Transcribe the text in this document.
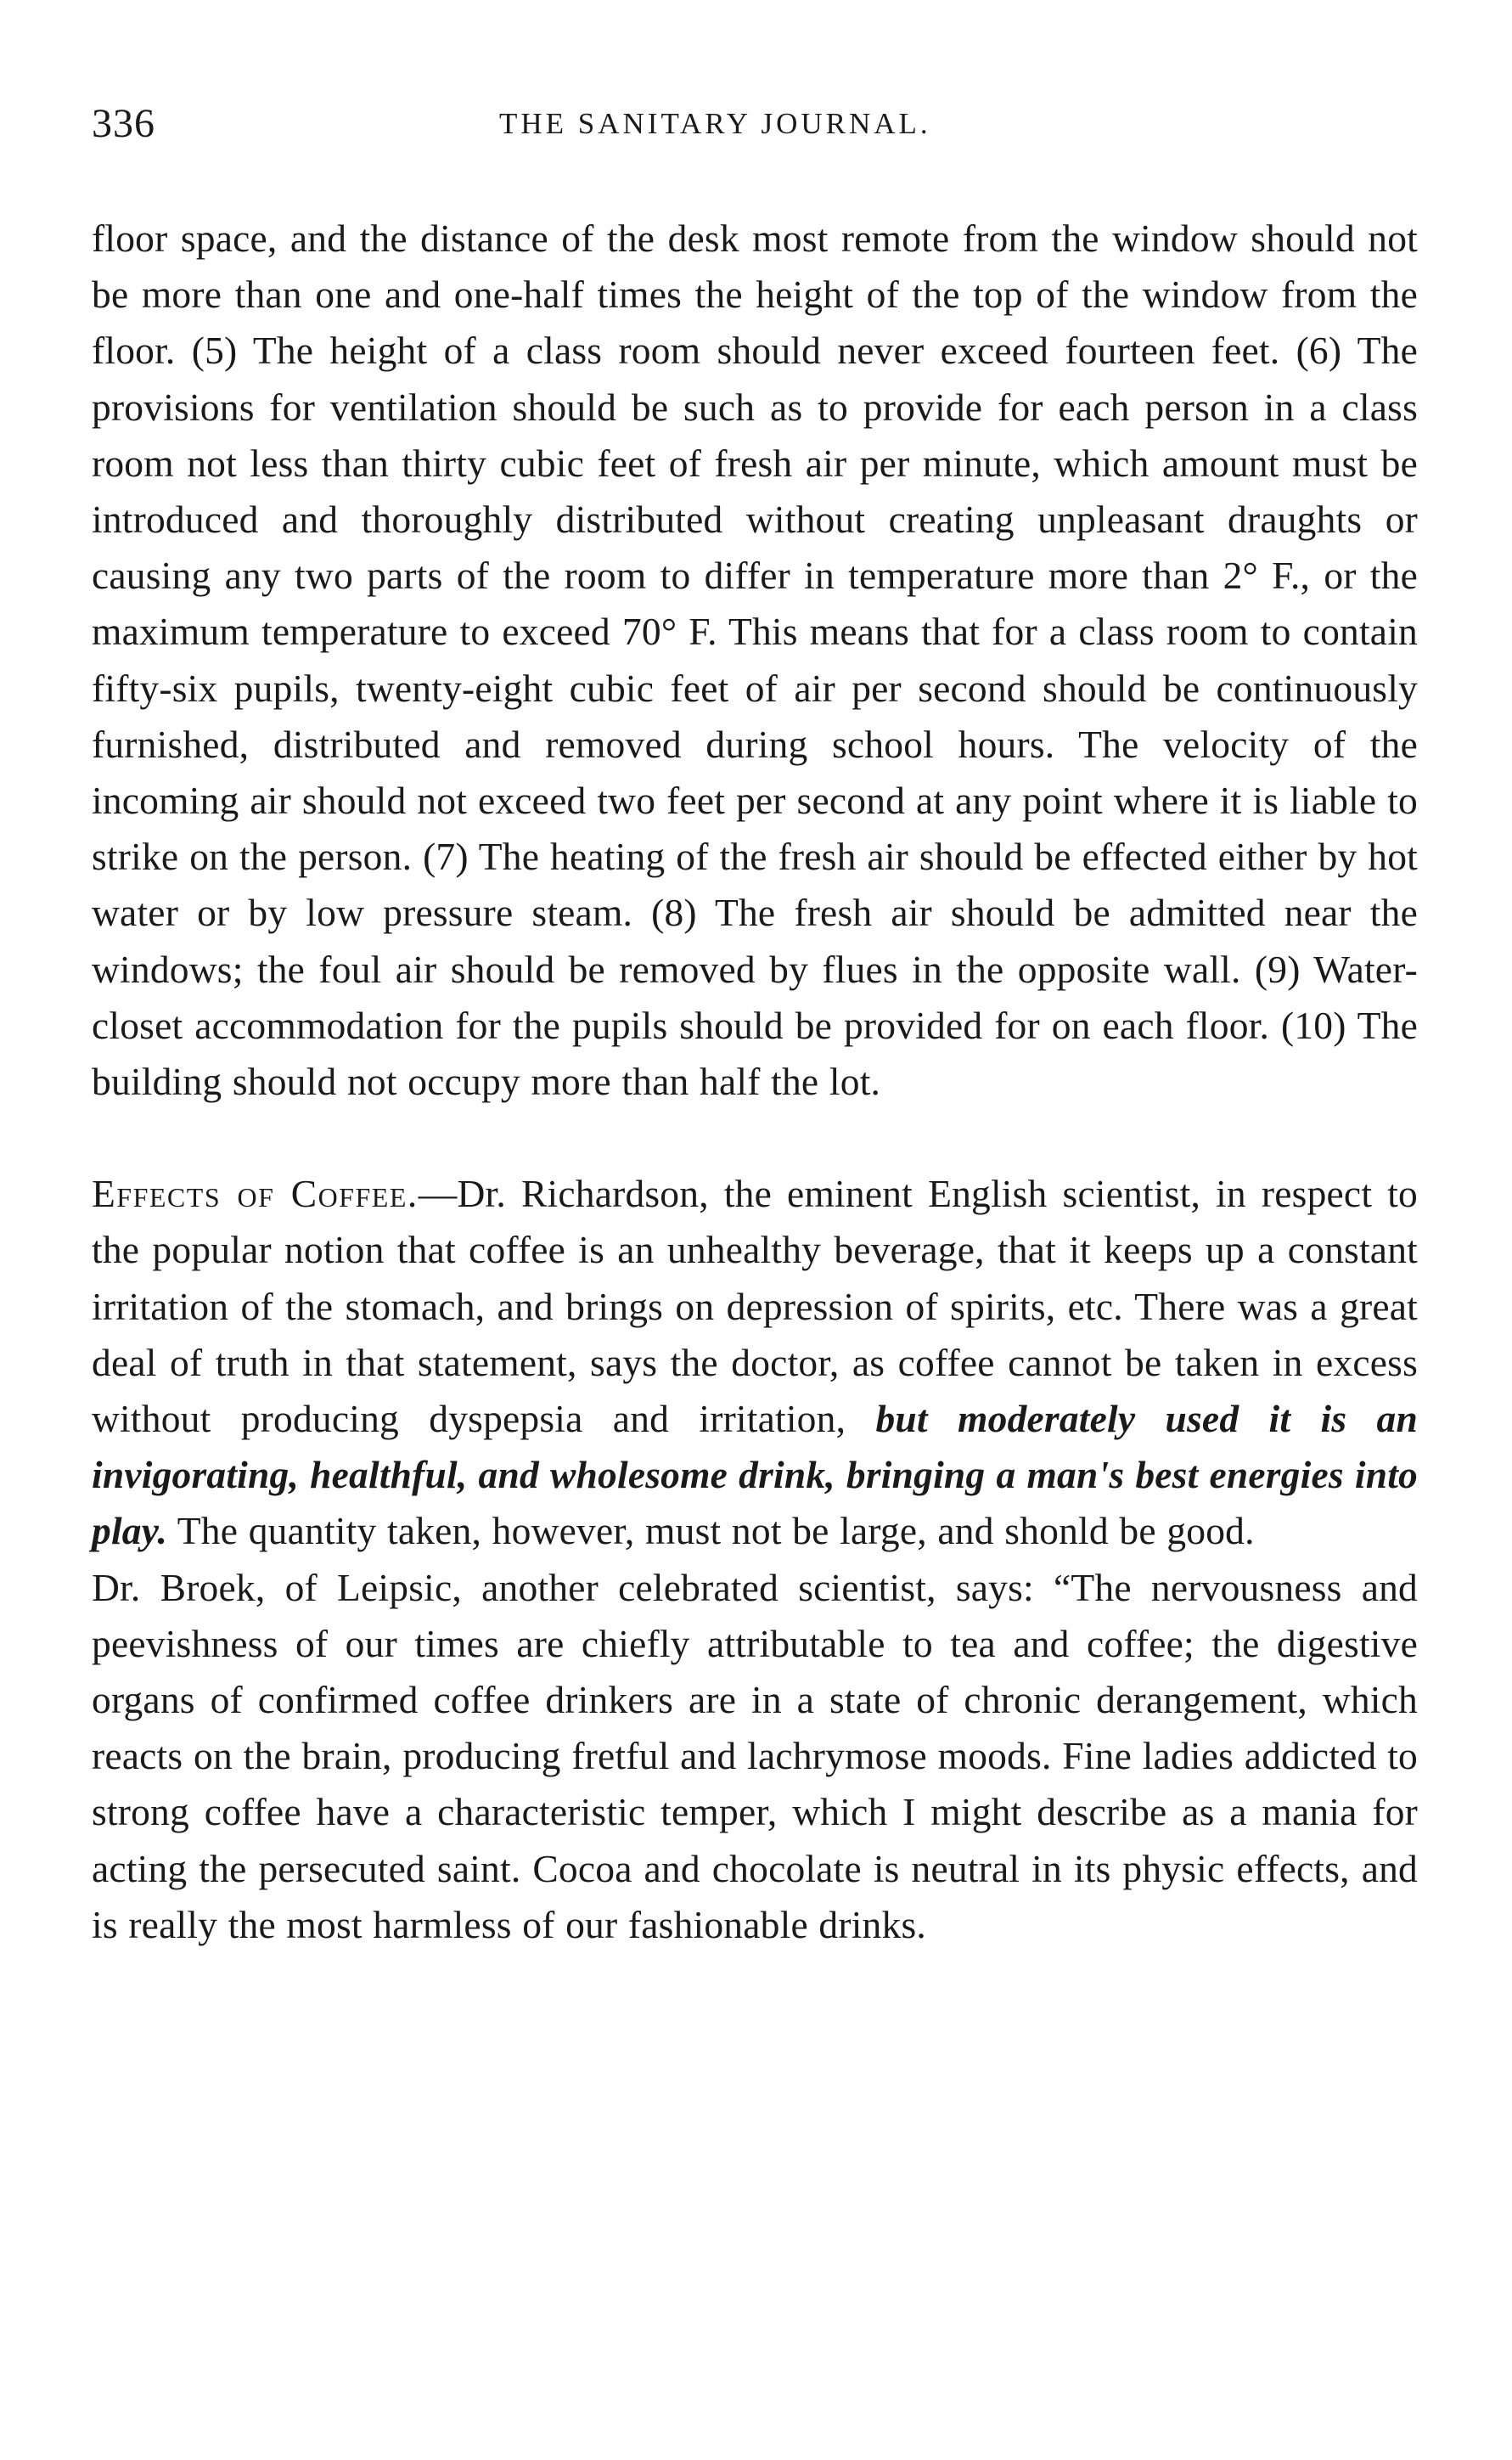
336	THE SANITARY JOURNAL.

floor space, and the distance of the desk most remote from the window should not be more than one and one-half times the height of the top of the window from the floor. (5) The height of a class room should never exceed fourteen feet. (6) The provisions for ventilation should be such as to provide for each person in a class room not less than thirty cubic feet of fresh air per minute, which amount must be introduced and thoroughly distributed without creating unpleasant draughts or causing any two parts of the room to differ in temperature more than 2° F., or the maximum temperature to exceed 70° F. This means that for a class room to contain fifty-six pupils, twenty-eight cubic feet of air per second should be continuously furnished, distributed and removed during school hours. The velocity of the incoming air should not exceed two feet per second at any point where it is liable to strike on the person. (7) The heating of the fresh air should be effected either by hot water or by low pressure steam. (8) The fresh air should be admitted near the windows; the foul air should be removed by flues in the opposite wall. (9) Water-closet accommodation for the pupils should be provided for on each floor. (10) The building should not occupy more than half the lot.

Effects of Coffee.—Dr. Richardson, the eminent English scientist, in respect to the popular notion that coffee is an unhealthy beverage, that it keeps up a constant irritation of the stomach, and brings on depression of spirits, etc. There was a great deal of truth in that statement, says the doctor, as coffee cannot be taken in excess without producing dyspepsia and irritation, but moderately used it is an invigorating, healthful, and wholesome drink, bringing a man's best energies into play. The quantity taken, however, must not be large, and shonld be good.

Dr. Broek, of Leipsic, another celebrated scientist, says: “The nervousness and peevishness of our times are chiefly attributable to tea and coffee; the digestive organs of confirmed coffee drinkers are in a state of chronic derangement, which reacts on the brain, producing fretful and lachrymose moods. Fine ladies addicted to strong coffee have a characteristic temper, which I might describe as a mania for acting the persecuted saint. Cocoa and chocolate is neutral in its physic effects, and is really the most harmless of our fashionable drinks.
